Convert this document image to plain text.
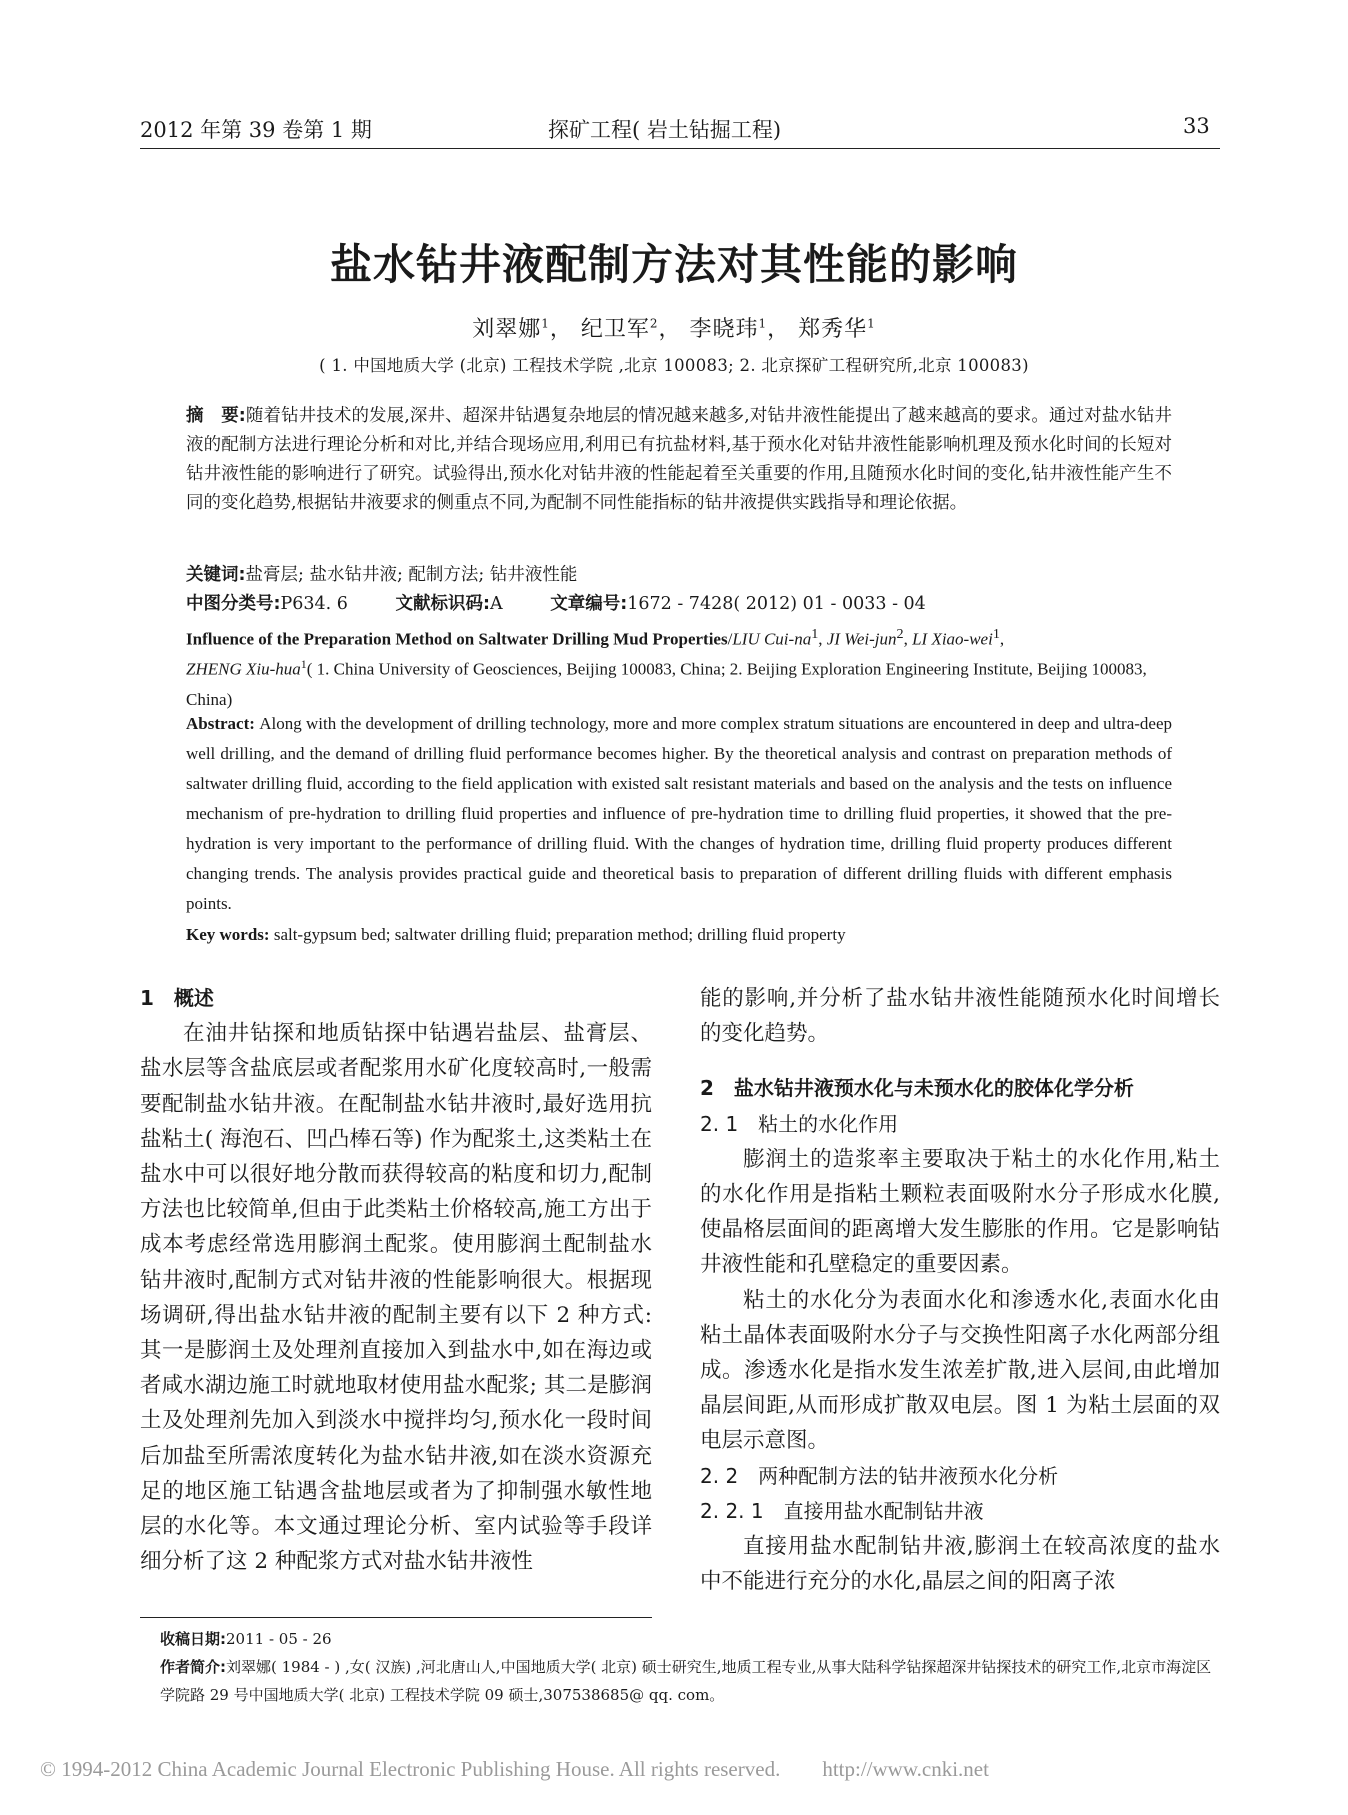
2012 年第 39 卷第 1 期	探矿工程( 岩土钻掘工程)	33
盐水钻井液配制方法对其性能的影响
刘翠娜$^1$， 纪卫军$^2$， 李晓玮$^1$， 郑秀华$^1$
( 1. 中国地质大学 (北京) 工程技术学院 ,北京 100083; 2. 北京探矿工程研究所,北京 100083)
摘　要:随着钻井技术的发展,深井、超深井钻遇复杂地层的情况越来越多,对钻井液性能提出了越来越高的要求。通过对盐水钻井液的配制方法进行理论分析和对比,并结合现场应用,利用已有抗盐材料,基于预水化对钻井液性能影响机理及预水化时间的长短对钻井液性能的影响进行了研究。试验得出,预水化对钻井液的性能起着至关重要的作用,且随预水化时间的变化,钻井液性能产生不同的变化趋势,根据钻井液要求的侧重点不同,为配制不同性能指标的钻井液提供实践指导和理论依据。
关键词:盐膏层; 盐水钻井液; 配制方法; 钻井液性能
中图分类号:P634. 6	文献标识码:A	文章编号:1672 - 7428( 2012) 01 - 0033 - 04
Influence of the Preparation Method on Saltwater Drilling Mud Properties/LIU Cui-$na^1$, JI Wei-jun$^2$, LI Xiao-wei$^1$,
ZHENG Xiu-hua$^1$( 1. China University of Geosciences, Beijing 100083, China; 2. Beijing Exploration Engineering Institute, Beijing 100083, China)
Abstract: Along with the development of drilling technology, more and more complex stratum situations are encountered in deep and ultra-deep well drilling, and the demand of drilling fluid performance becomes higher. By the theoretical analysis and contrast on preparation methods of saltwater drilling fluid, according to the field application with existed salt resistant materials and based on the analysis and the tests on influence mechanism of pre-hydration to drilling fluid properties and influence of pre-hydration time to drilling fluid properties, it showed that the pre-hydration is very important to the performance of drilling fluid. With the changes of hydration time, drilling fluid property produces different changing trends. The analysis provides practical guide and theoretical basis to preparation of different drilling fluids with different emphasis points.
Key words: salt-gypsum bed; saltwater drilling fluid; preparation method; drilling fluid property

1　概述

在油井钻探和地质钻探中钻遇岩盐层、盐膏层、盐水层等含盐底层或者配浆用水矿化度较高时,一般需要配制盐水钻井液。在配制盐水钻井液时,最好选用抗盐粘土( 海泡石、凹凸棒石等) 作为配浆土,这类粘土在盐水中可以很好地分散而获得较高的粘度和切力,配制方法也比较简单,但由于此类粘土价格较高,施工方出于成本考虑经常选用膨润土配浆。使用膨润土配制盐水钻井液时,配制方式对钻井液的性能影响很大。根据现场调研,得出盐水钻井液的配制主要有以下 2 种方式: 其一是膨润土及处理剂直接加入到盐水中,如在海边或者咸水湖边施工时就地取材使用盐水配浆; 其二是膨润土及处理剂先加入到淡水中搅拌均匀,预水化一段时间后加盐至所需浓度转化为盐水钻井液,如在淡水资源充足的地区施工钻遇含盐地层或者为了抑制强水敏性地层的水化等。本文通过理论分析、室内试验等手段详细分析了这 2 种配浆方式对盐水钻井液性

能的影响,并分析了盐水钻井液性能随预水化时间增长的变化趋势。

2　盐水钻井液预水化与未预水化的胶体化学分析

2. 1　粘土的水化作用

膨润土的造浆率主要取决于粘土的水化作用,粘土的水化作用是指粘土颗粒表面吸附水分子形成水化膜,使晶格层面间的距离增大发生膨胀的作用。它是影响钻井液性能和孔壁稳定的重要因素。

粘土的水化分为表面水化和渗透水化,表面水化由粘土晶体表面吸附水分子与交换性阳离子水化两部分组成。渗透水化是指水发生浓差扩散,进入层间,由此增加晶层间距,从而形成扩散双电层。图 1 为粘土层面的双电层示意图。

2. 2　两种配制方法的钻井液预水化分析

2. 2. 1　直接用盐水配制钻井液

直接用盐水配制钻井液,膨润土在较高浓度的盐水中不能进行充分的水化,晶层之间的阳离子浓

收稿日期:2011 - 05 - 26
作者简介:刘翠娜( 1984 - ) ,女( 汉族) ,河北唐山人,中国地质大学( 北京) 硕士研究生,地质工程专业,从事大陆科学钻探超深井钻探技术的研究工作,北京市海淀区学院路 29 号中国地质大学( 北京) 工程技术学院 09 硕士,307538685@ qq. com。
© 1994-2012 China Academic Journal Electronic Publishing House. All rights reserved.　　http://www.cnki.net
